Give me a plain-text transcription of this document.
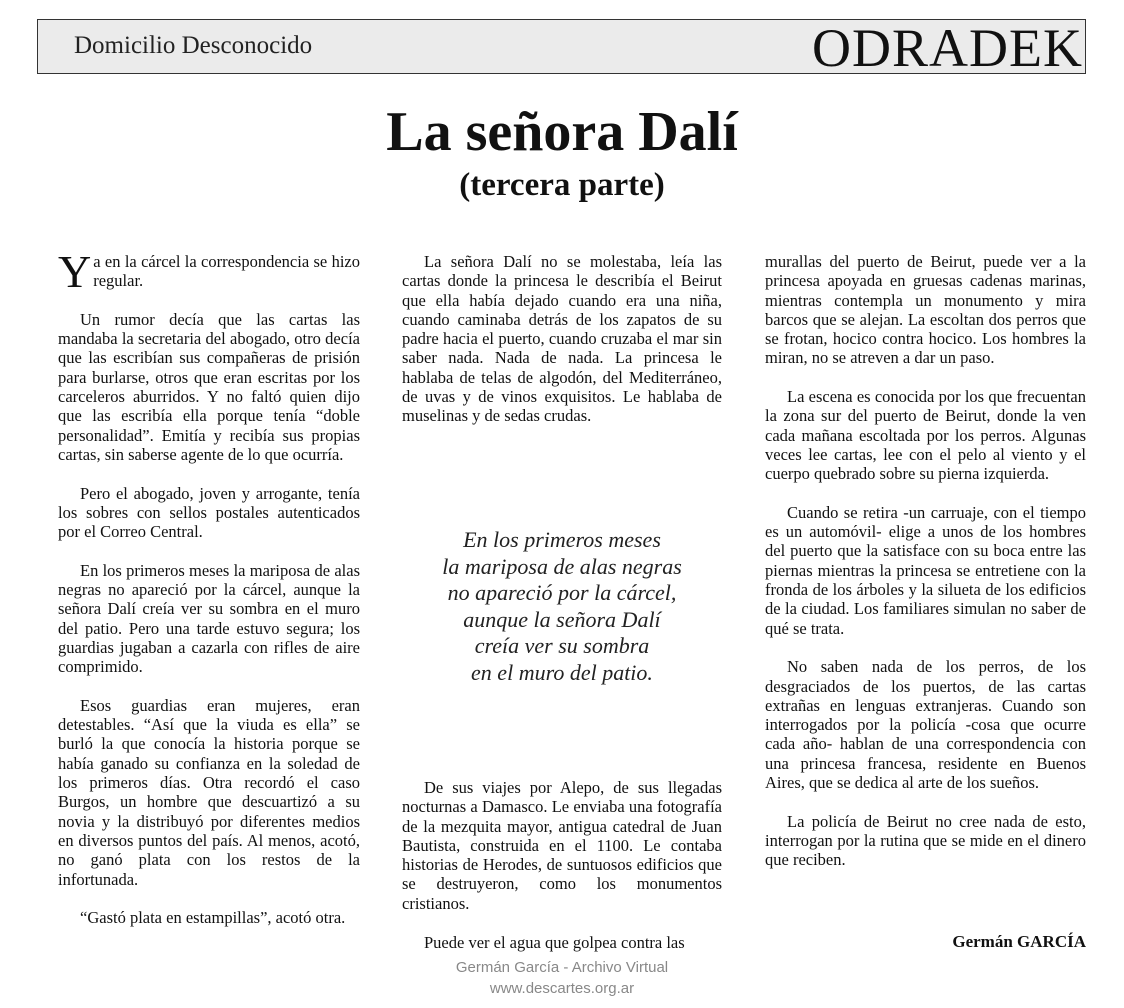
Domicilio Desconocido	ODRADEK
La señora Dalí
(tercera parte)

Ya en la cárcel la correspondencia se hizo regular.

Un rumor decía que las cartas las mandaba la secretaria del abogado, otro decía que las escribían sus compañeras de prisión para burlarse, otros que eran escritas por los carceleros aburridos. Y no faltó quien dijo que las escribía ella porque tenía “doble personalidad”. Emitía y recibía sus propias cartas, sin saberse agente de lo que ocurría.

Pero el abogado, joven y arrogante, tenía los sobres con sellos postales autenticados por el Correo Central.

En los primeros meses la mariposa de alas negras no apareció por la cárcel, aunque la señora Dalí creía ver su sombra en el muro del patio. Pero una tarde estuvo segura; los guardias jugaban a cazarla con rifles de aire comprimido.

Esos guardias eran mujeres, eran detestables. “Así que la viuda es ella” se burló la que conocía la historia porque se había ganado su confianza en la soledad de los primeros días. Otra recordó el caso Burgos, un hombre que descuartizó a su novia y la distribuyó por diferentes medios en diversos puntos del país. Al menos, acotó, no ganó plata con los restos de la infortunada.

“Gastó plata en estampillas”, acotó otra.

La señora Dalí no se molestaba, leía las cartas donde la princesa le describía el Beirut que ella había dejado cuando era una niña, cuando caminaba detrás de los zapatos de su padre hacia el puerto, cuando cruzaba el mar sin saber nada. Nada de nada. La princesa le hablaba de telas de algodón, del Mediterráneo, de uvas y de vinos exquisitos. Le hablaba de muselinas y de sedas crudas.

En los primeros meses
la mariposa de alas negras
no apareció por la cárcel,
aunque la señora Dalí
creía ver su sombra
en el muro del patio.

De sus viajes por Alepo, de sus llegadas nocturnas a Damasco. Le enviaba una fotografía de la mezquita mayor, antigua catedral de Juan Bautista, construida en el 1100. Le contaba historias de Herodes, de suntuosos edificios que se destruyeron, como los monumentos cristianos.

Puede ver el agua que golpea contra las

murallas del puerto de Beirut, puede ver a la princesa apoyada en gruesas cadenas marinas, mientras contempla un monumento y mira barcos que se alejan. La escoltan dos perros que se frotan, hocico contra hocico. Los hombres la miran, no se atreven a dar un paso.

La escena es conocida por los que frecuentan la zona sur del puerto de Beirut, donde la ven cada mañana escoltada por los perros. Algunas veces lee cartas, lee con el pelo al viento y el cuerpo quebrado sobre su pierna izquierda.

Cuando se retira -un carruaje, con el tiempo es un automóvil- elige a unos de los hombres del puerto que la satisface con su boca entre las piernas mientras la princesa se entretiene con la fronda de los árboles y la silueta de los edificios de la ciudad. Los familiares simulan no saber de qué se trata.

No saben nada de los perros, de los desgraciados de los puertos, de las cartas extrañas en lenguas extranjeras. Cuando son interrogados por la policía -cosa que ocurre cada año- hablan de una correspondencia con una princesa francesa, residente en Buenos Aires, que se dedica al arte de los sueños.

La policía de Beirut no cree nada de esto, interrogan por la rutina que se mide en el dinero que reciben.

Germán GARCÍA
Germán García - Archivo Virtual
www.descartes.org.ar
